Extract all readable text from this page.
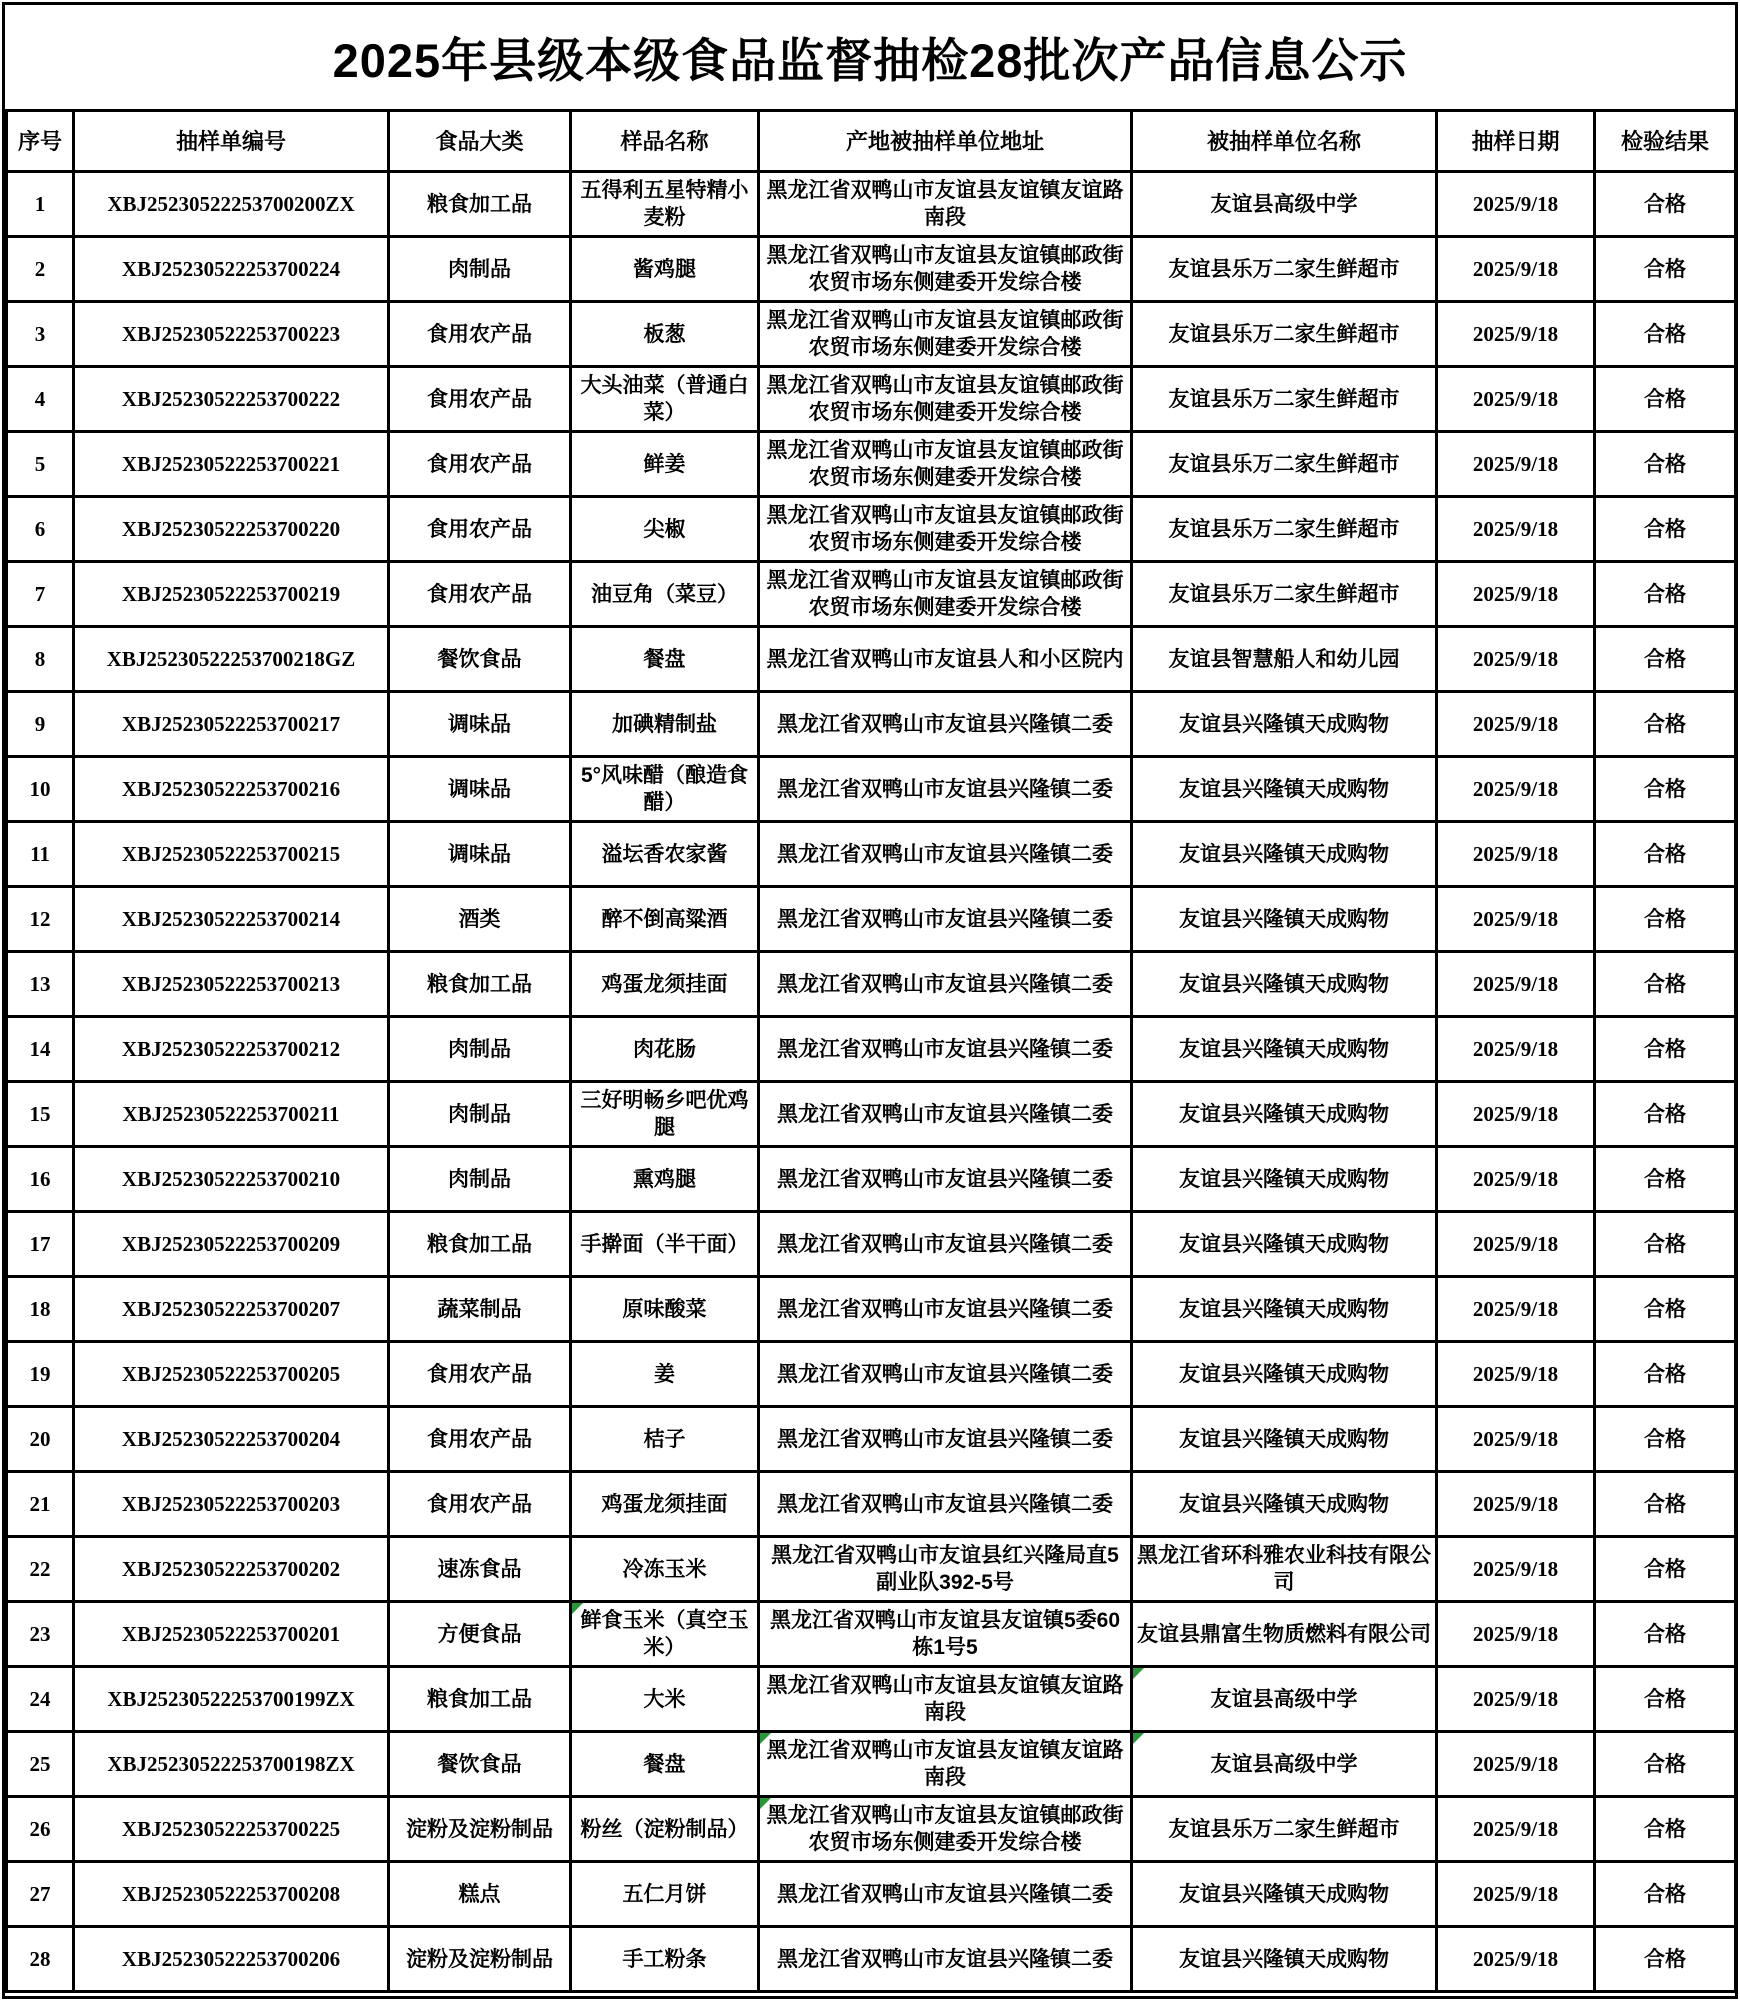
2025年县级本级食品监督抽检28批次产品信息公示
序号	抽样单编号	食品大类	样品名称	产地被抽样单位地址	被抽样单位名称	抽样日期	检验结果
1	XBJ25230522253700200ZX	粮食加工品	五得利五星特精小麦粉	黑龙江省双鸭山市友谊县友谊镇友谊路南段	友谊县高级中学	2025/9/18	合格
2	XBJ25230522253700224	肉制品	酱鸡腿	黑龙江省双鸭山市友谊县友谊镇邮政街农贸市场东侧建委开发综合楼	友谊县乐万二家生鲜超市	2025/9/18	合格
3	XBJ25230522253700223	食用农产品	板葱	黑龙江省双鸭山市友谊县友谊镇邮政街农贸市场东侧建委开发综合楼	友谊县乐万二家生鲜超市	2025/9/18	合格
4	XBJ25230522253700222	食用农产品	大头油菜（普通白菜）	黑龙江省双鸭山市友谊县友谊镇邮政街农贸市场东侧建委开发综合楼	友谊县乐万二家生鲜超市	2025/9/18	合格
5	XBJ25230522253700221	食用农产品	鲜姜	黑龙江省双鸭山市友谊县友谊镇邮政街农贸市场东侧建委开发综合楼	友谊县乐万二家生鲜超市	2025/9/18	合格
6	XBJ25230522253700220	食用农产品	尖椒	黑龙江省双鸭山市友谊县友谊镇邮政街农贸市场东侧建委开发综合楼	友谊县乐万二家生鲜超市	2025/9/18	合格
7	XBJ25230522253700219	食用农产品	油豆角（菜豆）	黑龙江省双鸭山市友谊县友谊镇邮政街农贸市场东侧建委开发综合楼	友谊县乐万二家生鲜超市	2025/9/18	合格
8	XBJ25230522253700218GZ	餐饮食品	餐盘	黑龙江省双鸭山市友谊县人和小区院内	友谊县智慧船人和幼儿园	2025/9/18	合格
9	XBJ25230522253700217	调味品	加碘精制盐	黑龙江省双鸭山市友谊县兴隆镇二委	友谊县兴隆镇天成购物	2025/9/18	合格
10	XBJ25230522253700216	调味品	5°风味醋（酿造食醋）	黑龙江省双鸭山市友谊县兴隆镇二委	友谊县兴隆镇天成购物	2025/9/18	合格
11	XBJ25230522253700215	调味品	溢坛香农家酱	黑龙江省双鸭山市友谊县兴隆镇二委	友谊县兴隆镇天成购物	2025/9/18	合格
12	XBJ25230522253700214	酒类	醉不倒高粱酒	黑龙江省双鸭山市友谊县兴隆镇二委	友谊县兴隆镇天成购物	2025/9/18	合格
13	XBJ25230522253700213	粮食加工品	鸡蛋龙须挂面	黑龙江省双鸭山市友谊县兴隆镇二委	友谊县兴隆镇天成购物	2025/9/18	合格
14	XBJ25230522253700212	肉制品	肉花肠	黑龙江省双鸭山市友谊县兴隆镇二委	友谊县兴隆镇天成购物	2025/9/18	合格
15	XBJ25230522253700211	肉制品	三好明畅乡吧优鸡腿	黑龙江省双鸭山市友谊县兴隆镇二委	友谊县兴隆镇天成购物	2025/9/18	合格
16	XBJ25230522253700210	肉制品	熏鸡腿	黑龙江省双鸭山市友谊县兴隆镇二委	友谊县兴隆镇天成购物	2025/9/18	合格
17	XBJ25230522253700209	粮食加工品	手擀面（半干面）	黑龙江省双鸭山市友谊县兴隆镇二委	友谊县兴隆镇天成购物	2025/9/18	合格
18	XBJ25230522253700207	蔬菜制品	原味酸菜	黑龙江省双鸭山市友谊县兴隆镇二委	友谊县兴隆镇天成购物	2025/9/18	合格
19	XBJ25230522253700205	食用农产品	姜	黑龙江省双鸭山市友谊县兴隆镇二委	友谊县兴隆镇天成购物	2025/9/18	合格
20	XBJ25230522253700204	食用农产品	桔子	黑龙江省双鸭山市友谊县兴隆镇二委	友谊县兴隆镇天成购物	2025/9/18	合格
21	XBJ25230522253700203	食用农产品	鸡蛋龙须挂面	黑龙江省双鸭山市友谊县兴隆镇二委	友谊县兴隆镇天成购物	2025/9/18	合格
22	XBJ25230522253700202	速冻食品	冷冻玉米	黑龙江省双鸭山市友谊县红兴隆局直5副业队392-5号	黑龙江省环科雅农业科技有限公司	2025/9/18	合格
23	XBJ25230522253700201	方便食品	鲜食玉米（真空玉米）	黑龙江省双鸭山市友谊县友谊镇5委60栋1号5	友谊县鼎富生物质燃料有限公司	2025/9/18	合格
24	XBJ25230522253700199ZX	粮食加工品	大米	黑龙江省双鸭山市友谊县友谊镇友谊路南段	友谊县高级中学	2025/9/18	合格
25	XBJ25230522253700198ZX	餐饮食品	餐盘	黑龙江省双鸭山市友谊县友谊镇友谊路南段	友谊县高级中学	2025/9/18	合格
26	XBJ25230522253700225	淀粉及淀粉制品	粉丝（淀粉制品）	黑龙江省双鸭山市友谊县友谊镇邮政街农贸市场东侧建委开发综合楼	友谊县乐万二家生鲜超市	2025/9/18	合格
27	XBJ25230522253700208	糕点	五仁月饼	黑龙江省双鸭山市友谊县兴隆镇二委	友谊县兴隆镇天成购物	2025/9/18	合格
28	XBJ25230522253700206	淀粉及淀粉制品	手工粉条	黑龙江省双鸭山市友谊县兴隆镇二委	友谊县兴隆镇天成购物	2025/9/18	合格
